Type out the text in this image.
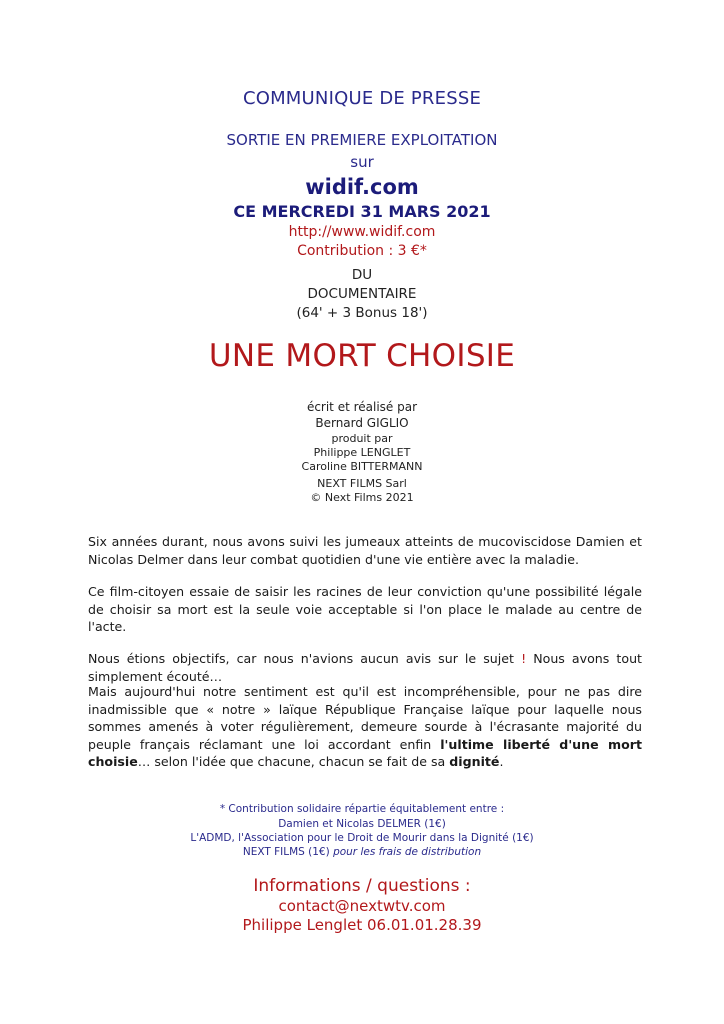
COMMUNIQUE DE PRESSE
SORTIE EN PREMIERE EXPLOITATION
sur
widif.com
CE MERCREDI 31 MARS 2021
http://www.widif.com
Contribution : 3 €*
DU
DOCUMENTAIRE
(64' + 3 Bonus 18')
UNE MORT CHOISIE
écrit et réalisé par
Bernard GIGLIO
produit par
Philippe LENGLET
Caroline BITTERMANN
NEXT FILMS Sarl
© Next Films 2021
Six années durant, nous avons suivi les jumeaux atteints de mucoviscidose Damien et Nicolas Delmer dans leur combat quotidien d'une vie entière avec la maladie.
Ce film-citoyen essaie de saisir les racines de leur conviction qu'une possibilité légale de choisir sa mort est la seule voie acceptable si l'on place le malade au centre de l'acte.
Nous étions objectifs, car nous n'avions aucun avis sur le sujet ! Nous avons tout simplement écouté…
Mais aujourd'hui notre sentiment est qu'il est incompréhensible, pour ne pas dire inadmissible que « notre » laïque République Française laïque pour laquelle nous sommes amenés à voter régulièrement, demeure sourde à l'écrasante majorité du peuple français réclamant une loi accordant enfin l'ultime liberté d'une mort choisie… selon l'idée que chacune, chacun se fait de sa dignité.
* Contribution solidaire répartie équitablement entre :
Damien et Nicolas DELMER (1€)
L'ADMD, l'Association pour le Droit de Mourir dans la Dignité (1€)
NEXT FILMS (1€) pour les frais de distribution
Informations / questions :
contact@nextwtv.com
Philippe Lenglet 06.01.01.28.39
